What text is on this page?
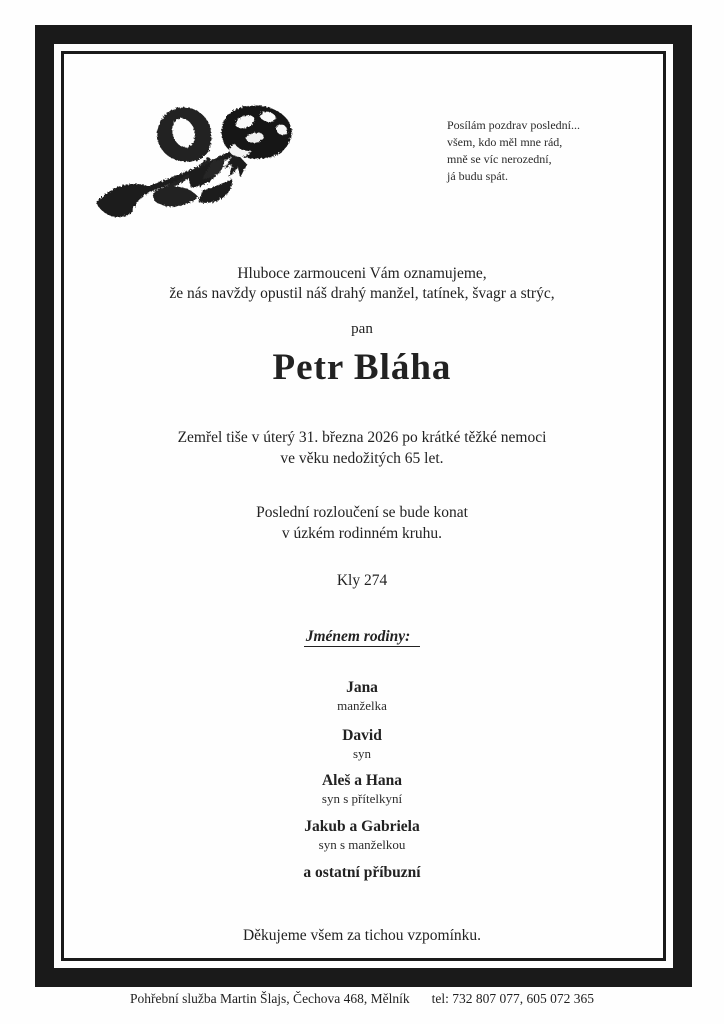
Posílám pozdrav poslední...
všem, kdo měl mne rád,
mně se víc nerozední,
já budu spát.
Hluboce zarmouceni Vám oznamujeme,
že nás navždy opustil náš drahý manžel, tatínek, švagr a strýc,
pan
Petr Bláha
Zemřel tiše v úterý 31. března 2026 po krátké těžké nemoci
ve věku nedožitých 65 let.
Poslední rozloučení se bude konat
v úzkém rodinném kruhu.
Kly 274
Jménem rodiny:
Jana
manželka
David
syn
Aleš a Hana
syn s přítelkyní
Jakub a Gabriela
syn s manželkou
a ostatní příbuzní
Děkujeme všem za tichou vzpomínku.
Pohřební služba Martin Šlajs, Čechova 468, Mělník tel: 732 807 077, 605 072 365
